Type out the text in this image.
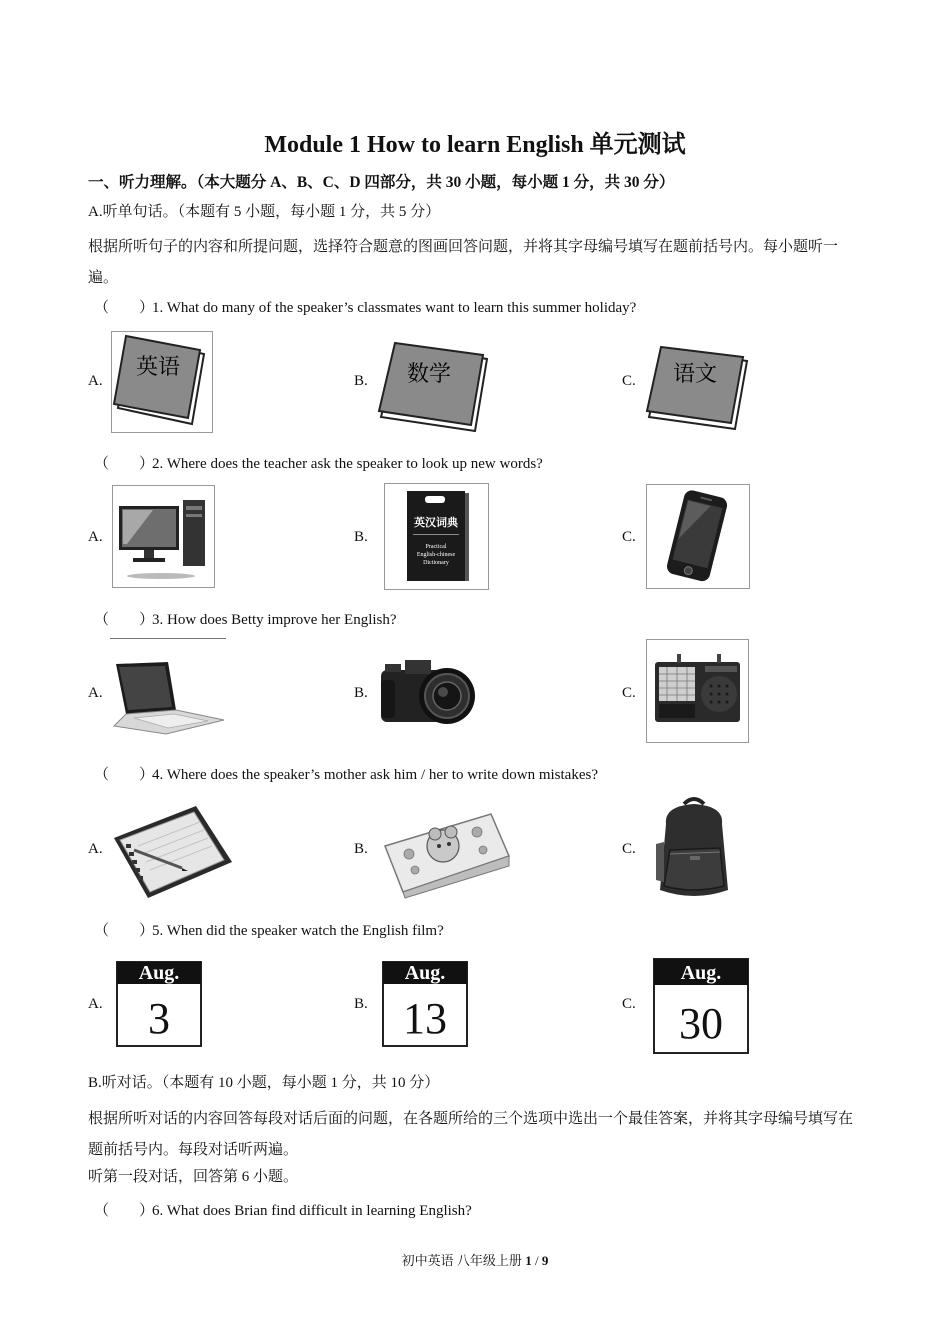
Module 1 How to learn English 单元测试
一、听力理解。（本大题分 A、B、C、D 四部分，共 30 小题，每小题 1 分，共 30 分）
A.听单句话。（本题有 5 小题，每小题 1 分，共 5 分）
根据所听句子的内容和所提问题，选择符合题意的图画回答问题，并将其字母编号填写在题前括号内。每小题听一遍。
（　　）1. What do many of the speaker’s classmates want to learn this summer holiday?
A.	B.	C.
英语	数学	语文
（　　）2. Where does the teacher ask the speaker to look up new words?
A.	B.	C.
英汉词典
Practical
English-chinese
Dictionary
（　　）3. How does Betty improve her English?
A.	B.	C.
（　　）4. Where does the speaker’s mother ask him / her to write down mistakes?
A.	B.	C.
（　　）5. When did the speaker watch the English film?
A.	B.	C.
Aug.
3
Aug.
13
Aug.
30
B.听对话。（本题有 10 小题，每小题 1 分，共 10 分）
根据所听对话的内容回答每段对话后面的问题，在各题所给的三个选项中选出一个最佳答案，并将其字母编号填写在题前括号内。每段对话听两遍。
听第一段对话，回答第 6 小题。
（　　）6. What does Brian find difficult in learning English?
初中英语 八年级上册 1 / 9
